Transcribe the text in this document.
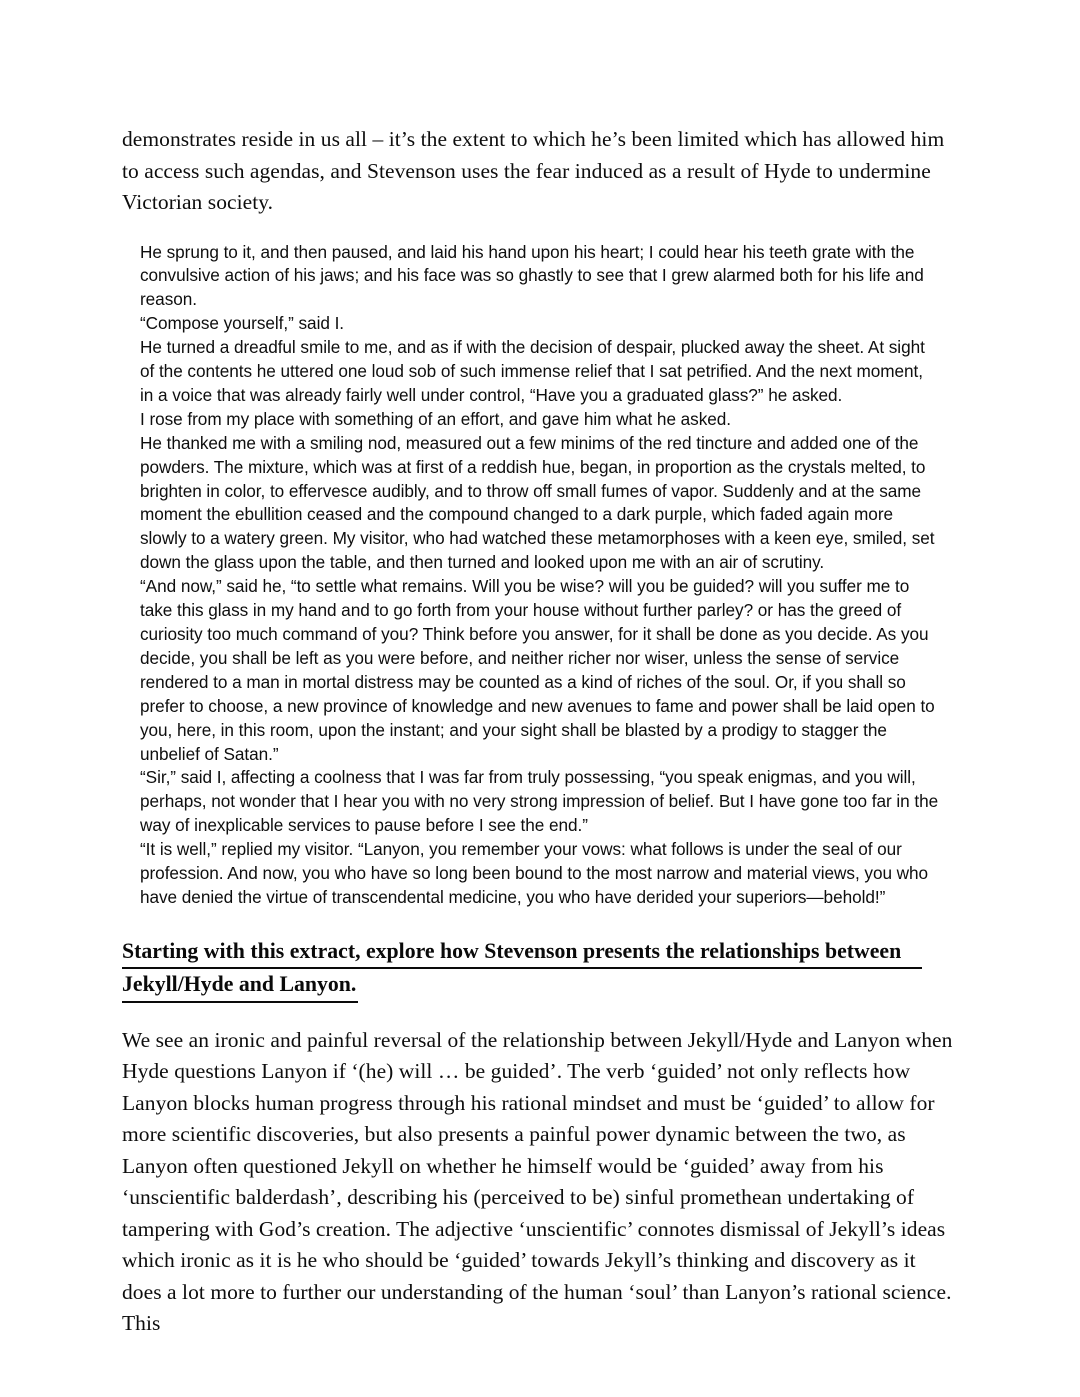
demonstrates reside in us all – it’s the extent to which he’s been limited which has allowed him to access such agendas, and Stevenson uses the fear induced as a result of Hyde to undermine Victorian society.

He sprung to it, and then paused, and laid his hand upon his heart; I could hear his teeth grate with the convulsive action of his jaws; and his face was so ghastly to see that I grew alarmed both for his life and reason.

“Compose yourself,” said I.

He turned a dreadful smile to me, and as if with the decision of despair, plucked away the sheet. At sight of the contents he uttered one loud sob of such immense relief that I sat petrified. And the next moment, in a voice that was already fairly well under control, “Have you a graduated glass?” he asked.

I rose from my place with something of an effort, and gave him what he asked.

He thanked me with a smiling nod, measured out a few minims of the red tincture and added one of the powders. The mixture, which was at first of a reddish hue, began, in proportion as the crystals melted, to brighten in color, to effervesce audibly, and to throw off small fumes of vapor. Suddenly and at the same moment the ebullition ceased and the compound changed to a dark purple, which faded again more slowly to a watery green. My visitor, who had watched these metamorphoses with a keen eye, smiled, set down the glass upon the table, and then turned and looked upon me with an air of scrutiny.

“And now,” said he, “to settle what remains. Will you be wise? will you be guided? will you suffer me to take this glass in my hand and to go forth from your house without further parley? or has the greed of curiosity too much command of you? Think before you answer, for it shall be done as you decide. As you decide, you shall be left as you were before, and neither richer nor wiser, unless the sense of service rendered to a man in mortal distress may be counted as a kind of riches of the soul. Or, if you shall so prefer to choose, a new province of knowledge and new avenues to fame and power shall be laid open to you, here, in this room, upon the instant; and your sight shall be blasted by a prodigy to stagger the unbelief of Satan.”

“Sir,” said I, affecting a coolness that I was far from truly possessing, “you speak enigmas, and you will, perhaps, not wonder that I hear you with no very strong impression of belief. But I have gone too far in the way of inexplicable services to pause before I see the end.”

“It is well,” replied my visitor. “Lanyon, you remember your vows: what follows is under the seal of our profession. And now, you who have so long been bound to the most narrow and material views, you who have denied the virtue of transcendental medicine, you who have derided your superiors—behold!”

Starting with this extract, explore how Stevenson presents the relationships between
Jekyll/Hyde and Lanyon.

We see an ironic and painful reversal of the relationship between Jekyll/Hyde and Lanyon when Hyde questions Lanyon if ‘(he) will … be guided’. The verb ‘guided’ not only reflects how Lanyon blocks human progress through his rational mindset and must be ‘guided’ to allow for more scientific discoveries, but also presents a painful power dynamic between the two, as Lanyon often questioned Jekyll on whether he himself would be ‘guided’ away from his ‘unscientific balderdash’, describing his (perceived to be) sinful promethean undertaking of tampering with God’s creation. The adjective ‘unscientific’ connotes dismissal of Jekyll’s ideas which ironic as it is he who should be ‘guided’ towards Jekyll’s thinking and discovery as it does a lot more to further our understanding of the human ‘soul’ than Lanyon’s rational science. This
